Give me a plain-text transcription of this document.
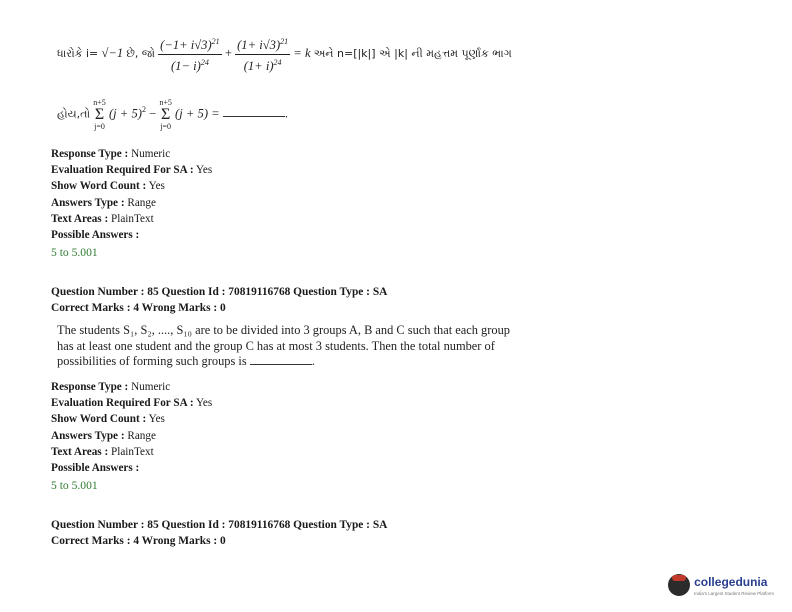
ધારોકે i= √−1 છે, જો $\frac{(-1+ i√3)^{21}}{(1- i)^{24}} + \frac{(1+ i√3)^{21}}{(1+ i)^{24}} = k$ અને n=[|k|] એ |k| ની મહત્તમ પૂર્ણાંક ભાગ
હોય,તો
n+5
Σ
j=0
$(j + 5)^2$ −
n+5
Σ
j=0
(j + 5) =	.
Response Type : Numeric
Evaluation Required For SA : Yes
Show Word Count : Yes
Answers Type : Range
Text Areas : PlainText
Possible Answers :
5 to 5.001
Question Number : 85 Question Id : 70819116768 Question Type : SA
Correct Marks : 4 Wrong Marks : 0
The students S₁, S₂, ...., S₁₀ are to be divided into 3 groups A, B and C such that each group
has at least one student and the group C has at most 3 students. Then the total number of
possibilities of forming such groups is	.
Response Type : Numeric
Evaluation Required For SA : Yes
Show Word Count : Yes
Answers Type : Range
Text Areas : PlainText
Possible Answers :
5 to 5.001
Question Number : 85 Question Id : 70819116768 Question Type : SA
Correct Marks : 4 Wrong Marks : 0
collegedunia
India's Largest Student Review Platform
